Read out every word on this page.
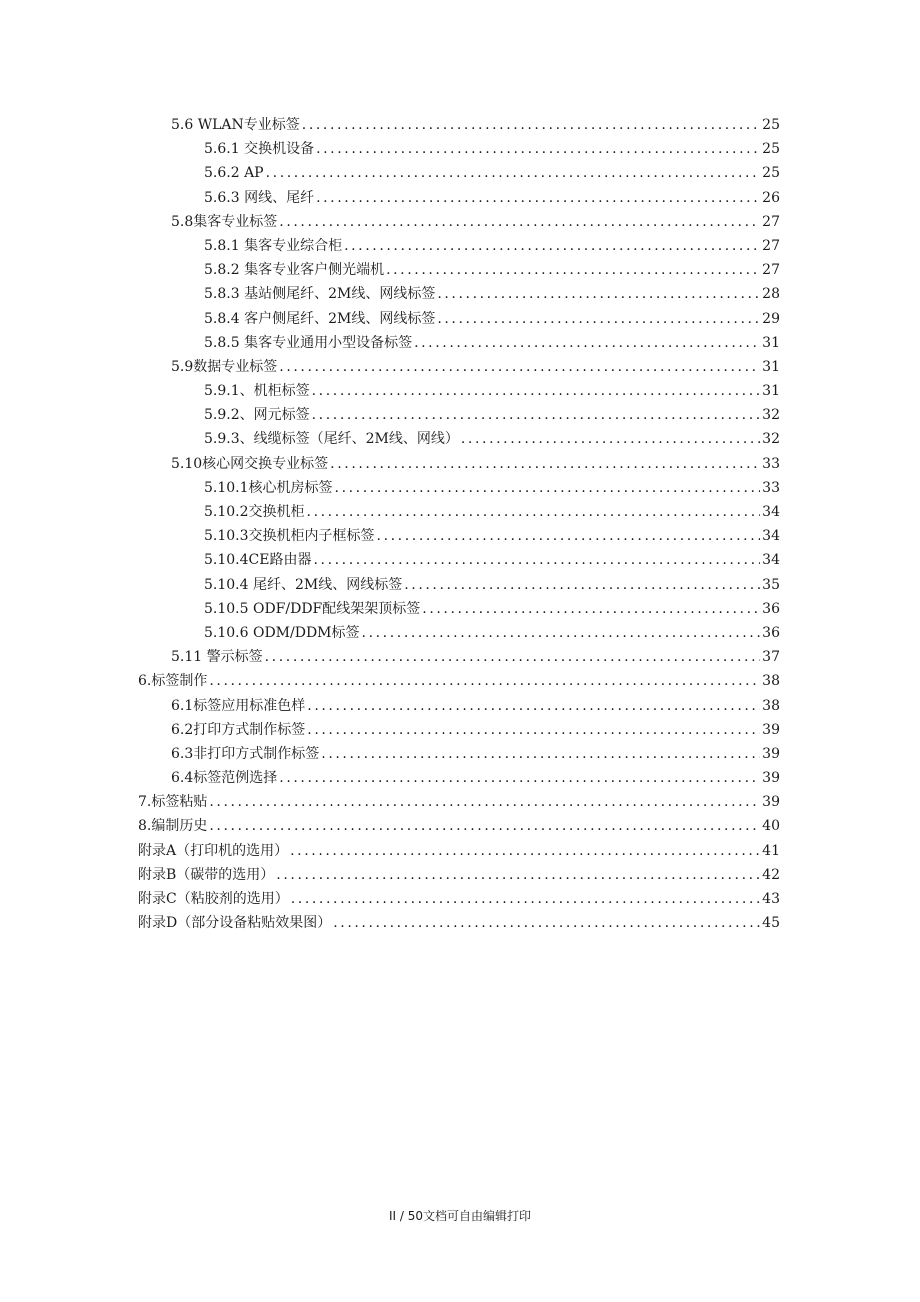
5.6 WLAN专业标签 .....	25
5.6.1 交换机设备 .....	25
5.6.2 AP .....	25
5.6.3 网线、尾纤 .....	26
5.8集客专业标签 .....	27
5.8.1 集客专业综合柜 .....	27
5.8.2 集客专业客户侧光端机 .....	27
5.8.3 基站侧尾纤、2M线、网线标签 .....	28
5.8.4 客户侧尾纤、2M线、网线标签 .....	29
5.8.5 集客专业通用小型设备标签 .....	31
5.9数据专业标签 .....	31
5.9.1、机柜标签 .....	31
5.9.2、网元标签 .....	32
5.9.3、线缆标签（尾纤、2M线、网线） .....	32
5.10核心网交换专业标签 .....	33
5.10.1核心机房标签 .....	33
5.10.2交换机柜 .....	34
5.10.3交换机柜内子框标签 .....	34
5.10.4CE路由器 .....	34
5.10.4 尾纤、2M线、网线标签 .....	35
5.10.5 ODF/DDF配线架架顶标签 .....	36
5.10.6 ODM/DDM标签 .....	36
5.11 警示标签 .....	37
6.标签制作 .....	38
6.1标签应用标准色样 .....	38
6.2打印方式制作标签 .....	39
6.3非打印方式制作标签 .....	39
6.4标签范例选择 .....	39
7.标签粘贴 .....	39
8.编制历史 .....	40
附录A（打印机的选用） .....	41
附录B（碳带的选用） .....	42
附录C（粘胶剂的选用） .....	43
附录D（部分设备粘贴效果图） .....	45
II / 50文档可自由编辑打印
